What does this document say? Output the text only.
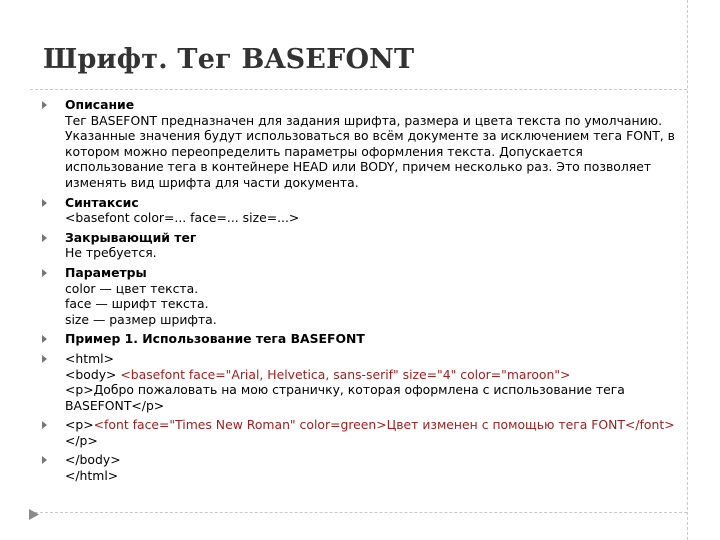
Шрифт. Тег BASEFONT
Описание
Тег BASEFONT предназначен для задания шрифта, размера и цвета текста по умолчанию. Указанные значения будут использоваться во всём документе за исключением тега FONT, в котором можно переопределить параметры оформления текста. Допускается использование тега в контейнере HEAD или BODY, причем несколько раз. Это позволяет изменять вид шрифта для части документа.
Синтаксис
<basefont color=... face=... size=...>
Закрывающий тег
Не требуется.
Параметры
color — цвет текста.
face — шрифт текста.
size — размер шрифта.
Пример 1. Использование тега BASEFONT
<html>
<body> <basefont face="Arial, Helvetica, sans-serif" size="4" color="maroon">
<p>Добро пожаловать на мою страничку, которая оформлена с использование тега BASEFONT</p>
<p><font face="Times New Roman" color=green>Цвет изменен с помощью тега FONT</font></p>
</body>
</html>
